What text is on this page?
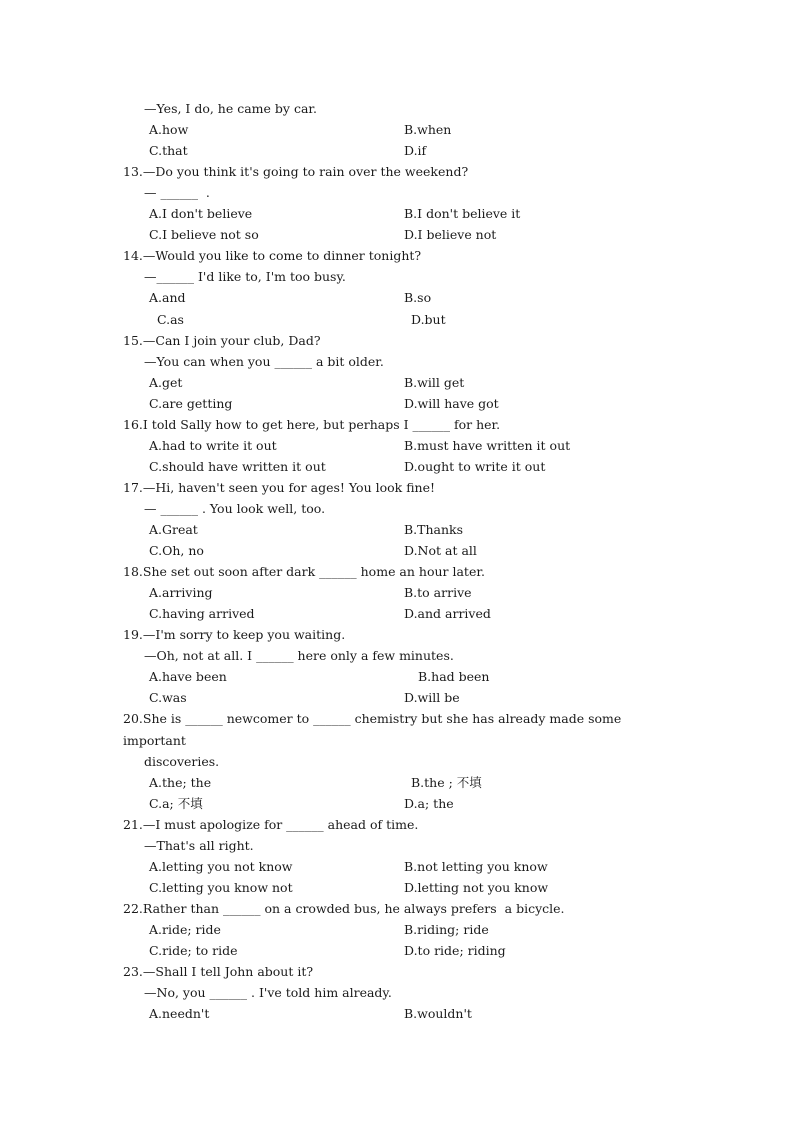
—Yes, I do, he came by car.
A.how	B.when
C.that	D.if
13.—Do you think it's going to rain over the weekend?
— ______  .
A.I don't believe	B.I don't believe it
C.I believe not so	D.I believe not
14.—Would you like to come to dinner tonight?
—______ I'd like to, I'm too busy.
A.and	B.so
C.as	D.but
15.—Can I join your club, Dad?
—You can when you ______ a bit older.
A.get	B.will get
C.are getting	D.will have got
16.I told Sally how to get here, but perhaps I ______ for her.
A.had to write it out	B.must have written it out
C.should have written it out	D.ought to write it out
17.—Hi, haven't seen you for ages! You look fine!
— ______ . You look well, too.
A.Great	B.Thanks
C.Oh, no	D.Not at all
18.She set out soon after dark ______ home an hour later.
A.arriving	B.to arrive
C.having arrived	D.and arrived
19.—I'm sorry to keep you waiting.
—Oh, not at all. I ______ here only a few minutes.
A.have been	B.had been
C.was	D.will be
20.She is ______ newcomer to ______ chemistry but she has already made some
important
discoveries.
A.the; the	B.the ; 不填
C.a; 不填	D.a; the
21.—I must apologize for ______ ahead of time.
—That's all right.
A.letting you not know	B.not letting you know
C.letting you know not	D.letting not you know
22.Rather than ______ on a crowded bus, he always prefers  a bicycle.
A.ride; ride	B.riding; ride
C.ride; to ride	D.to ride; riding
23.—Shall I tell John about it?
—No, you ______ . I've told him already.
A.needn't	B.wouldn't
